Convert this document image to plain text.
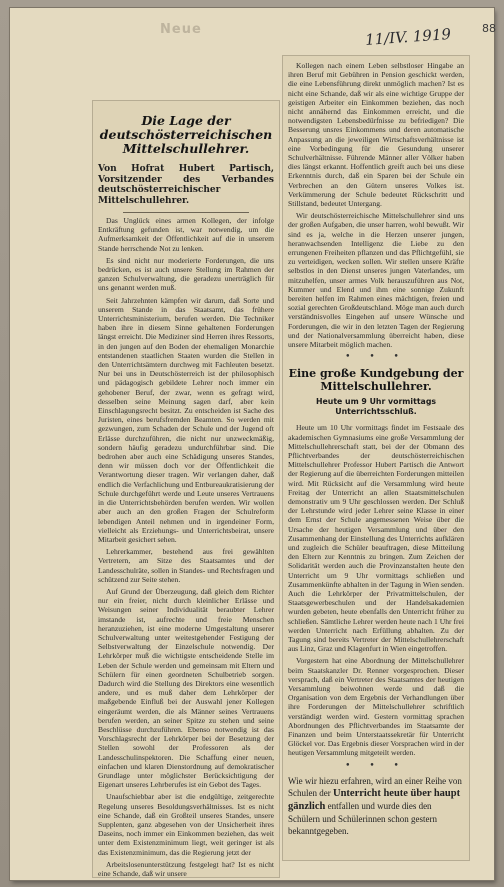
Neue	11/IV. 1919	88
Die Lage der deutschösterreichischen Mittelschullehrer.
Von Hofrat Hubert Partisch, Vorsitzender des Verbandes deutschösterreichischer Mittelschullehrer.

Das Unglück eines armen Kollegen, der infolge Entkräftung gefunden ist, war notwendig, um die Aufmerksamkeit der Öffentlichkeit auf die in unserem Stande herrschende Not zu lenken.

Es sind nicht nur moderierte Forderungen, die uns bedrücken, es ist auch unsere Stellung im Rahmen der ganzen Schulverwaltung, die geradezu unerträglich für uns genannt werden muß.

Seit Jahrzehnten kämpfen wir darum, daß Sorte und unserem Stande in das Staatsamt, das frühere Unterrichtsministerium, berufen werden. Die Techniker haben ihre in diesem Sinne gehaltenen Forderungen längst erreicht. Die Mediziner sind Herren ihres Ressorts, in den jungen auf den Boden der ehemaligen Monarchie entstandenen staatlichen Staaten wurden die Stellen in den Unterrichtsämtern durchweg mit Fachleuten besetzt. Nur bei uns in Deutschösterreich ist der philosophisch und pädagogisch gebildete Lehrer noch immer ein gehobener Beruf, der zwar, wenn es gefragt wird, desselben seine Meinung sagen darf, aber kein Einschlagungsrecht besitzt. Zu entscheiden ist Sache des Juristen, eines berufsfremden Beamten. So werden mit gezwungen, zum Schaden der Schule und der Jugend oft Erlässe durchzuführen, die nicht nur unzweckmäßig, sondern häufig geradezu undurchführbar sind. Die bedrohen aber auch eine Schädigung unseres Standes, denn wir müssen doch vor der Öffentlichkeit die Verantwortung dieser tragen. Wir verlangen daher, daß endlich die Verfachlichung und Entbureaukratisierung der Schule durchgeführt werde und Leute unseres Vertrauens in die Unterrichtsbehörden berufen werden. Wir wollen aber auch an den großen Fragen der Schulreform lebendigen Anteil nehmen und in irgendeiner Form, vielleicht als Erziehungs- und Unterrichtsbeirat, unsere Mitarbeit gesichert sehen.

Lehrerkammer, bestehend aus frei gewählten Vertretern, am Sitze des Staatsamtes und der Landesschulräte, sollen in Standes- und Rechtsfragen und schützend zur Seite stehen.

Auf Grund der Überzeugung, daß gleich dem Richter nur ein freier, nicht durch kleinlicher Erlässe und Weisungen seiner Individualität beraubter Lehrer imstande ist, aufrechte und freie Menschen heranzuziehen, ist eine moderne Umgestaltung unserer Schulverwaltung unter weitestgehender Festigung der Selbstverwaltung der Einzelschule notwendig. Der Lehrkörper muß die wichtigste entscheidende Stelle im Leben der Schule werden und gemeinsam mit Eltern und Schülern für einen geordneten Schulbetrieb sorgen. Dadurch wird die Stellung des Direktors eine wesentlich andere, und es muß daher dem Lehrkörper der maßgebende Einfluß bei der Auswahl jener Kollegen eingeräumt werden, die als Männer seines Vertrauens berufen werden, an seiner Spitze zu stehen und seine Beschlüsse durchzuführen. Ebenso notwendig ist das Vorschlagsrecht der Lehrkörper bei der Besetzung der Stellen sowohl der Professoren als der Landesschulinspektoren. Die Schaffung einer neuen, einfachen und klaren Dienstordnung auf demokratischer Grundlage unter möglichster Berücksichtigung der Eigenart unseres Lehrberufes ist ein Gebot des Tages.

Unaufschiebbar aber ist die endgültige, zeitgerechte Regelung unseres Besoldungsverhältnisses. Ist es nicht eine Schande, daß ein Großteil unseres Standes, unsere Supplenten, ganz abgesehen von der Unsicherheit ihres Daseins, noch immer ein Einkommen beziehen, das weit unter dem Existenzminimum liegt, weit geringer ist als das Existenzminimum, das die Regierung jetzt der

Arbeitslosenunterstützung festgelegt hat? Ist es nicht eine Schande, daß wir unsere

Kollegen nach einem Leben selbstloser Hingabe an ihren Beruf mit Gebühren in Pension geschickt werden, die eine Lebensführung direkt unmöglich machen? Ist es nicht eine Schande, daß wir als eine wichtige Gruppe der geistigen Arbeiter ein Einkommen beziehen, das noch nicht annähernd das Einkommen erreicht, und die notwendigsten Lebensbedürfnisse zu befriedigen? Die Besserung unsres Einkommens und deren automatische Anpassung an die jeweiligen Wirtschaftsverhältnisse ist eine Vorbedingung für die Gesundung unserer Schulverhältnisse. Führende Männer aller Völker haben dies längst erkannt. Hoffentlich greift auch bei uns diese Erkenntnis durch, daß ein Sparen bei der Schule ein Verbrechen an den Gütern unseres Volkes ist. Verkümmerung der Schule bedeutet Rückschritt und Stillstand, bedeutet Untergang.

Wir deutschösterreichische Mittelschullehrer sind uns der großen Aufgaben, die unser harren, wohl bewußt. Wir sind es ja, welche in die Herzen unserer jungen, heranwachsenden Intelligenz die Liebe zu den errungenen Freiheiten pflanzen und das Pflichtgefühl, sie zu verteidigen, wecken sollen. Wir stellen unsere Kräfte selbstlos in den Dienst unseres jungen Vaterlandes, um mitzuhelfen, unser armes Volk herauszuführen aus Not, Kummer und Elend und ihm eine sonnige Zukunft bereiten helfen im Rahmen eines mächtigen, freien und sozial gerechten Großdeutschland. Möge man auch durch verständnisvolles Eingehen auf unsere Wünsche und Forderungen, die wir in den letzten Tagen der Regierung und der Nationalversammlung überreicht haben, diese unsere Mitarbeit möglich machen.

• • •
Eine große Kundgebung der Mittelschullehrer.
Heute um 9 Uhr vormittags Unterrichtsschluß.

Heute um 10 Uhr vormittags findet im Festsaale des akademischen Gymnasiums eine große Versammlung der Mittelschullehrerschaft statt, bei der der Obmann des Pflichtverbandes der deutschösterreichischen Mittelschullehrer Professor Hubert Partisch die Antwort der Regierung auf die überreichten Forderungen mitteilen wird. Mit Rücksicht auf die Versammlung wird heute Freitag der Unterricht an allen Staatsmittelschulen demonstrativ um 9 Uhr geschlossen werden. Der Schluß der Lehrstunde wird jeder Lehrer seine Klasse in einer dem Ernst der Schule angemessenen Weise über die Ursache der heutigen Versammlung und über den Zusammenhang der Einstellung des Unterrichts aufklären und zugleich die Schüler beauftragen, diese Mitteilung den Eltern zur Kenntnis zu bringen. Zum Zeichen der Solidarität werden auch die Provinzanstalten heute den Unterricht um 9 Uhr vormittags schließen und Zusammenkünfte abhalten in der Tagung in Wien senden. Auch die Lehrkörper der Privatmittelschulen, der Staatsgewerbeschulen und der Handelsakademien wurden gebeten, heute ebenfalls den Unterricht früher zu schließen. Sämtliche Lehrer werden heute nach 1 Uhr frei werden Unterricht nach Erfüllung abhalten. Zu der Tagung sind bereits Vertreter der Mittelschullehrerschaft aus Linz, Graz und Klagenfurt in Wien eingetroffen.

Vorgestern hat eine Abordnung der Mittelschullehrer beim Staatskanzler Dr. Renner vorgesprochen. Dieser versprach, daß ein Vertreter des Staatsamtes der heutigen Versammlung beiwohnen werde und daß die Organisation von dem Ergebnis der Verhandlungen über ihre Forderungen der Mittelschullehrer schriftlich verständigt werden wird. Gestern vormittag sprachen Abordnungen des Pflichtverbandes im Staatsamte der Finanzen und beim Unterstaatssekretär für Unterricht Glöckel vor. Das Ergebnis dieser Vorsprachen wird in der heutigen Versammlung mitgeteilt werden.

• • •
Wie wir hiezu erfahren, wird an einer Reihe von Schulen der Unterricht heute über haupt gänzlich entfallen und wurde dies den Schülern und Schülerinnen schon gestern bekanntgegeben.
